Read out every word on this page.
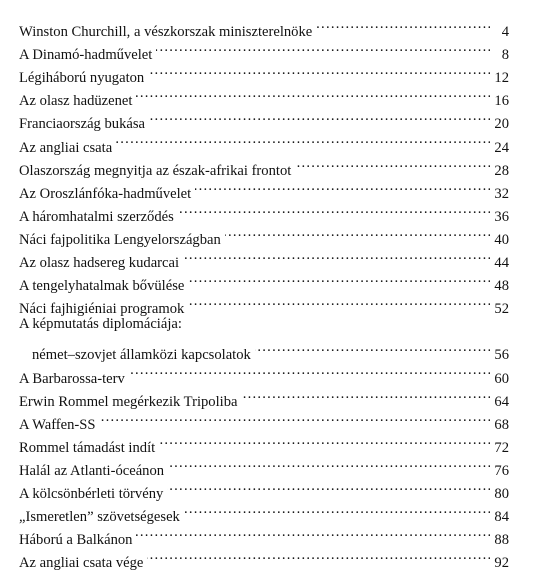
Winston Churchill, a vészkorszak miniszterelnöke . . .	4
A Dinamó-hadművelet . . .	8
Légiháború nyugaton . . .	12
Az olasz hadüzenet . . .	16
Franciaország bukása . . .	20
Az angliai csata . . .	24
Olaszország megnyitja az észak-afrikai frontot . . .	28
Az Oroszlánfóka-hadművelet . . .	32
A háromhatalmi szerződés . . .	36
Náci fajpolitika Lengyelországban . . .	40
Az olasz hadsereg kudarcai . . .	44
A tengelyhatalmak bővülése . . .	48
Náci fajhigiéniai programok . . .	52
A képmutatás diplomáciája:
német–szovjet államközi kapcsolatok . . .	56
A Barbarossa-terv . . .	60
Erwin Rommel megérkezik Tripoliba . . .	64
A Waffen-SS . . .	68
Rommel támadást indít . . .	72
Halál az Atlanti-óceánon . . .	76
A kölcsönbérleti törvény . . .	80
„Ismeretlen” szövetségesek . . .	84
Háború a Balkánon . . .	88
Az angliai csata vége . . .	92
